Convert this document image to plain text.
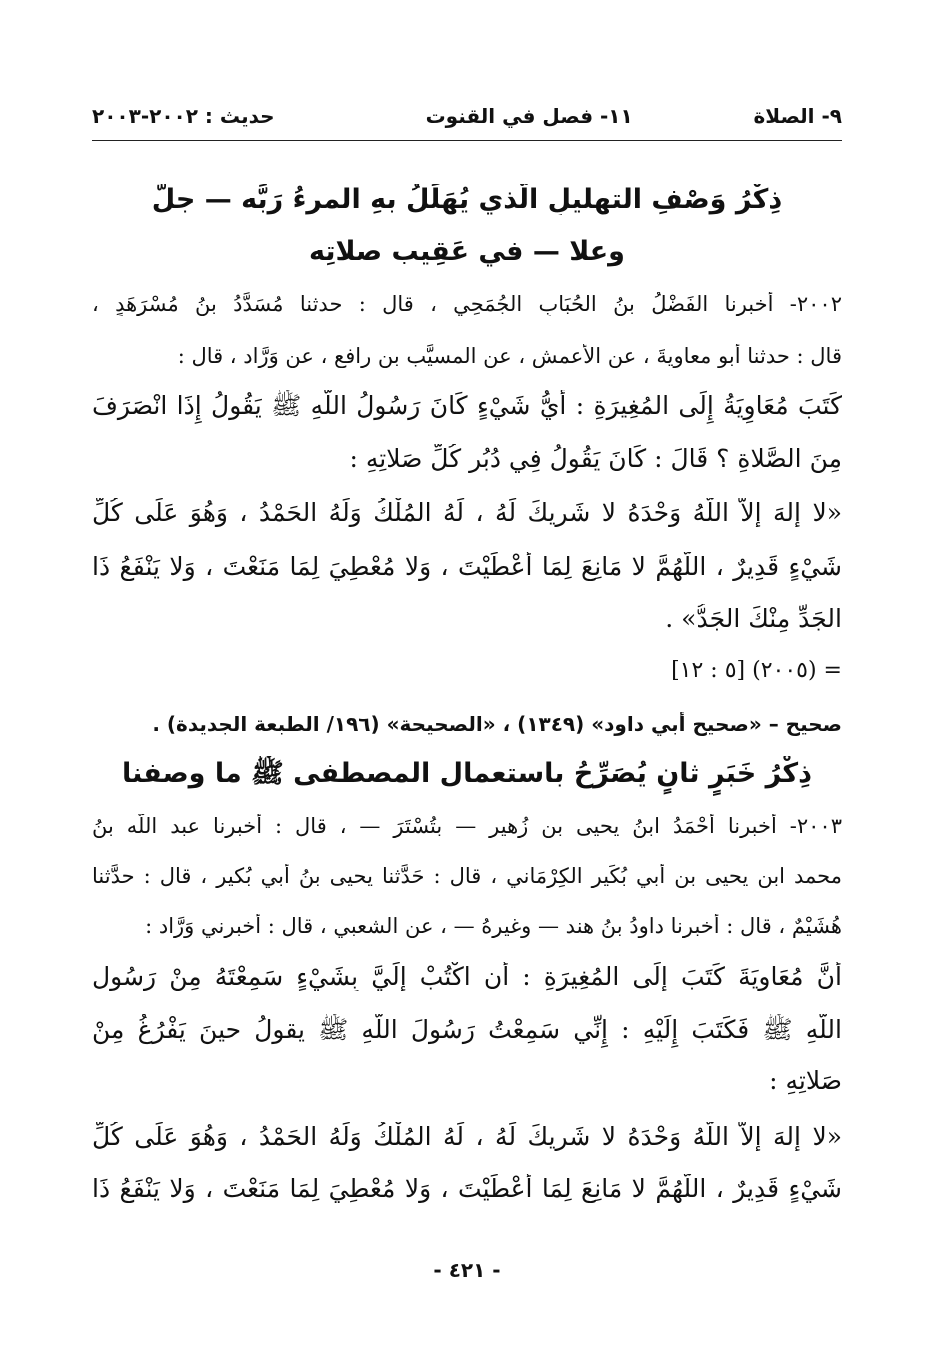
٩- الصلاة
١١- فصل في القنوت
حديث : ٢٠٠٢-٢٠٠٣
ذِكْرُ وَصْفِ التهليلِ الَّذي يُهَلِّلُ بهِ المرءُ رَبَّه — جلَّ
وعلا — في عَقِيب صلاتِه
٢٠٠٢- أخبرنا الفَضْلُ بنُ الحُبَابِ الجُمَحِي ، قال : حدثنا مُسَدَّدُ بنُ مُسْرَهَدٍ ،
قال : حدثنا أبو معاويةَ ، عن الأعمش ، عن المسيَّب بن رافع ، عن وَرَّاد ، قال :
كَتَبَ مُعَاوِيَةُ إِلَى المُغِيرَةِ : أَيُّ شَيْءٍ كَانَ رَسُولُ اللَّهِ ﷺ يَقُولُ إِذَا انْصَرَفَ
مِنَ الصَّلاةِ ؟ قَالَ : كَانَ يَقُولُ فِي دُبُرِ كُلِّ صَلاتِهِ :
«لا إِلهَ إِلاَّ اللَّهُ وَحْدَهُ لا شَرِيكَ لَهُ ، لَهُ المُلْكُ وَلَهُ الحَمْدُ ، وَهُوَ عَلَى كُلِّ
شَيْءٍ قَدِيرٌ ، اللَّهُمَّ لا مَانِعَ لِمَا أَعْطَيْتَ ، وَلا مُعْطِيَ لِمَا مَنَعْتَ ، وَلا يَنْفَعُ ذَا
الجَدِّ مِنْكَ الجَدُّ» .
= (٢٠٠٥) [٥ : ١٢]
صحيح – «صحيح أبي داود» (١٣٤٩) ، «الصحيحة» (١٩٦/ الطبعة الجديدة) .
ذِكْرُ خَبَرٍ ثانٍ يُصَرِّحُ باستعمال المصطفى ﷺ ما وصفنا
٢٠٠٣- أخبرنا أَحْمَدُ ابنُ يحيى بن زُهير — بتُسْتَرَ — ، قال : أخبرنا عبد اللَّه بنُ
محمد ابن يحيى بن أبي بُكَير الكِرْمَاني ، قال : حَدَّثنا يحيى بنُ أبي بُكير ، قال : حدَّثنا
هُشَيْمٌ ، قال : أخبرنا داودُ بنُ هند — وغيرهُ — ، عن الشعبي ، قال : أخبرني وَرَّاد :
أَنَّ مُعَاوِيَةَ كَتَبَ إِلَى المُغِيرَةِ : أَن اكْتُبْ إِلَيَّ بِشَيْءٍ سَمِعْتَهُ مِنْ رَسُولِ
اللَّهِ ﷺ فَكَتَبَ إِلَيْهِ : إِنِّي سَمِعْتُ رَسُولَ اللَّهِ ﷺ يقولُ حينَ يَفْرُغُ مِنْ
صَلاتِهِ :
«لا إِلهَ إِلاَّ اللَّهُ وَحْدَهُ لا شَرِيكَ لَهُ ، لَهُ المُلْكُ وَلَهُ الحَمْدُ ، وَهُوَ عَلَى كُلِّ
شَيْءٍ قَدِيرٌ ، اللَّهُمَّ لا مَانِعَ لِمَا أَعْطَيْتَ ، وَلا مُعْطِيَ لِمَا مَنَعْتَ ، وَلا يَنْفَعُ ذَا
- ٤٢١ -
